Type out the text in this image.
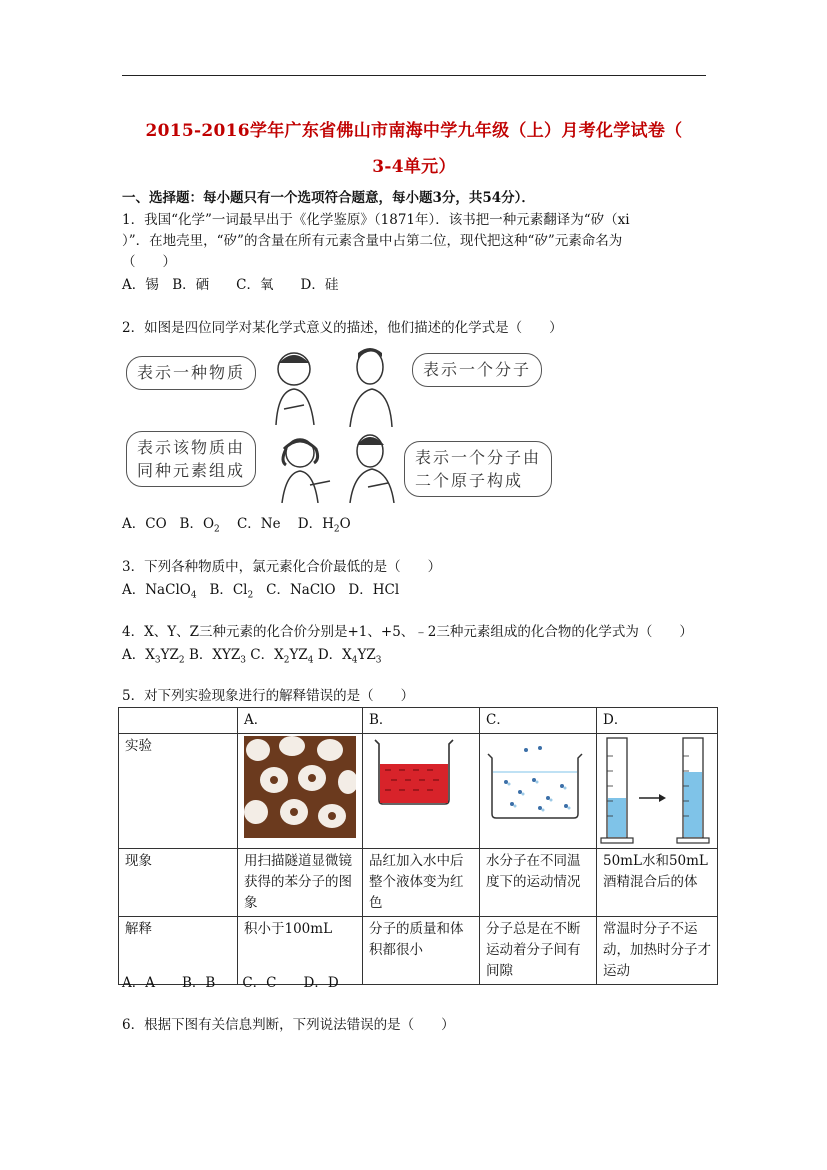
2015-2016学年广东省佛山市南海中学九年级（上）月考化学试卷（
3-4单元）
一、选择题：每小题只有一个选项符合题意，每小题3分，共54分）．
1．我国“化学”一词最早出于《化学鉴原》（1871年）．该书把一种元素翻译为“矽（xi
）”．在地壳里，“矽”的含量在所有元素含量中占第二位，现代把这种“矽”元素命名为
（　　）
A．锡　B．硒　　C．氧　　D．硅
2．如图是四位同学对某化学式意义的描述，他们描述的化学式是（　　）
表示一种物质	表示一个分子
表示该物质由
同种元素组成
表示一个分子由
二个原子构成
A．CO B．$O_2$ C．Ne D．$H_2O$
3．下列各种物质中，氯元素化合价最低的是（　　）
A．NaClO$_4$ B．$Cl_2$ C．NaClO D．HCl
4．X、Y、Z三种元素的化合价分别是+1、+5、﹣2三种元素组成的化合物的化学式为（　　）
A．$X_3YZ_2$ B．$XYZ_3$ C．$X_2YZ_4$ D．$X_4YZ_3$
5．对下列实验现象进行的解释错误的是（　　）
	A．	B．	C．	D．
实验	

现象	用扫描隧道显微镜获得的苯分子的图象	品红加入水中后整个液体变为红色	水分子在不同温度下的运动情况	50mL水和50mL酒精混合后的体
解释	积小于100mL	分子的质量和体积都很小	分子总是在不断运动着分子间有间隙	常温时分子不运动，加热时分子才运动
A．A　　B．B　　C．C　　D．D
6．根据下图有关信息判断，下列说法错误的是（　　）
